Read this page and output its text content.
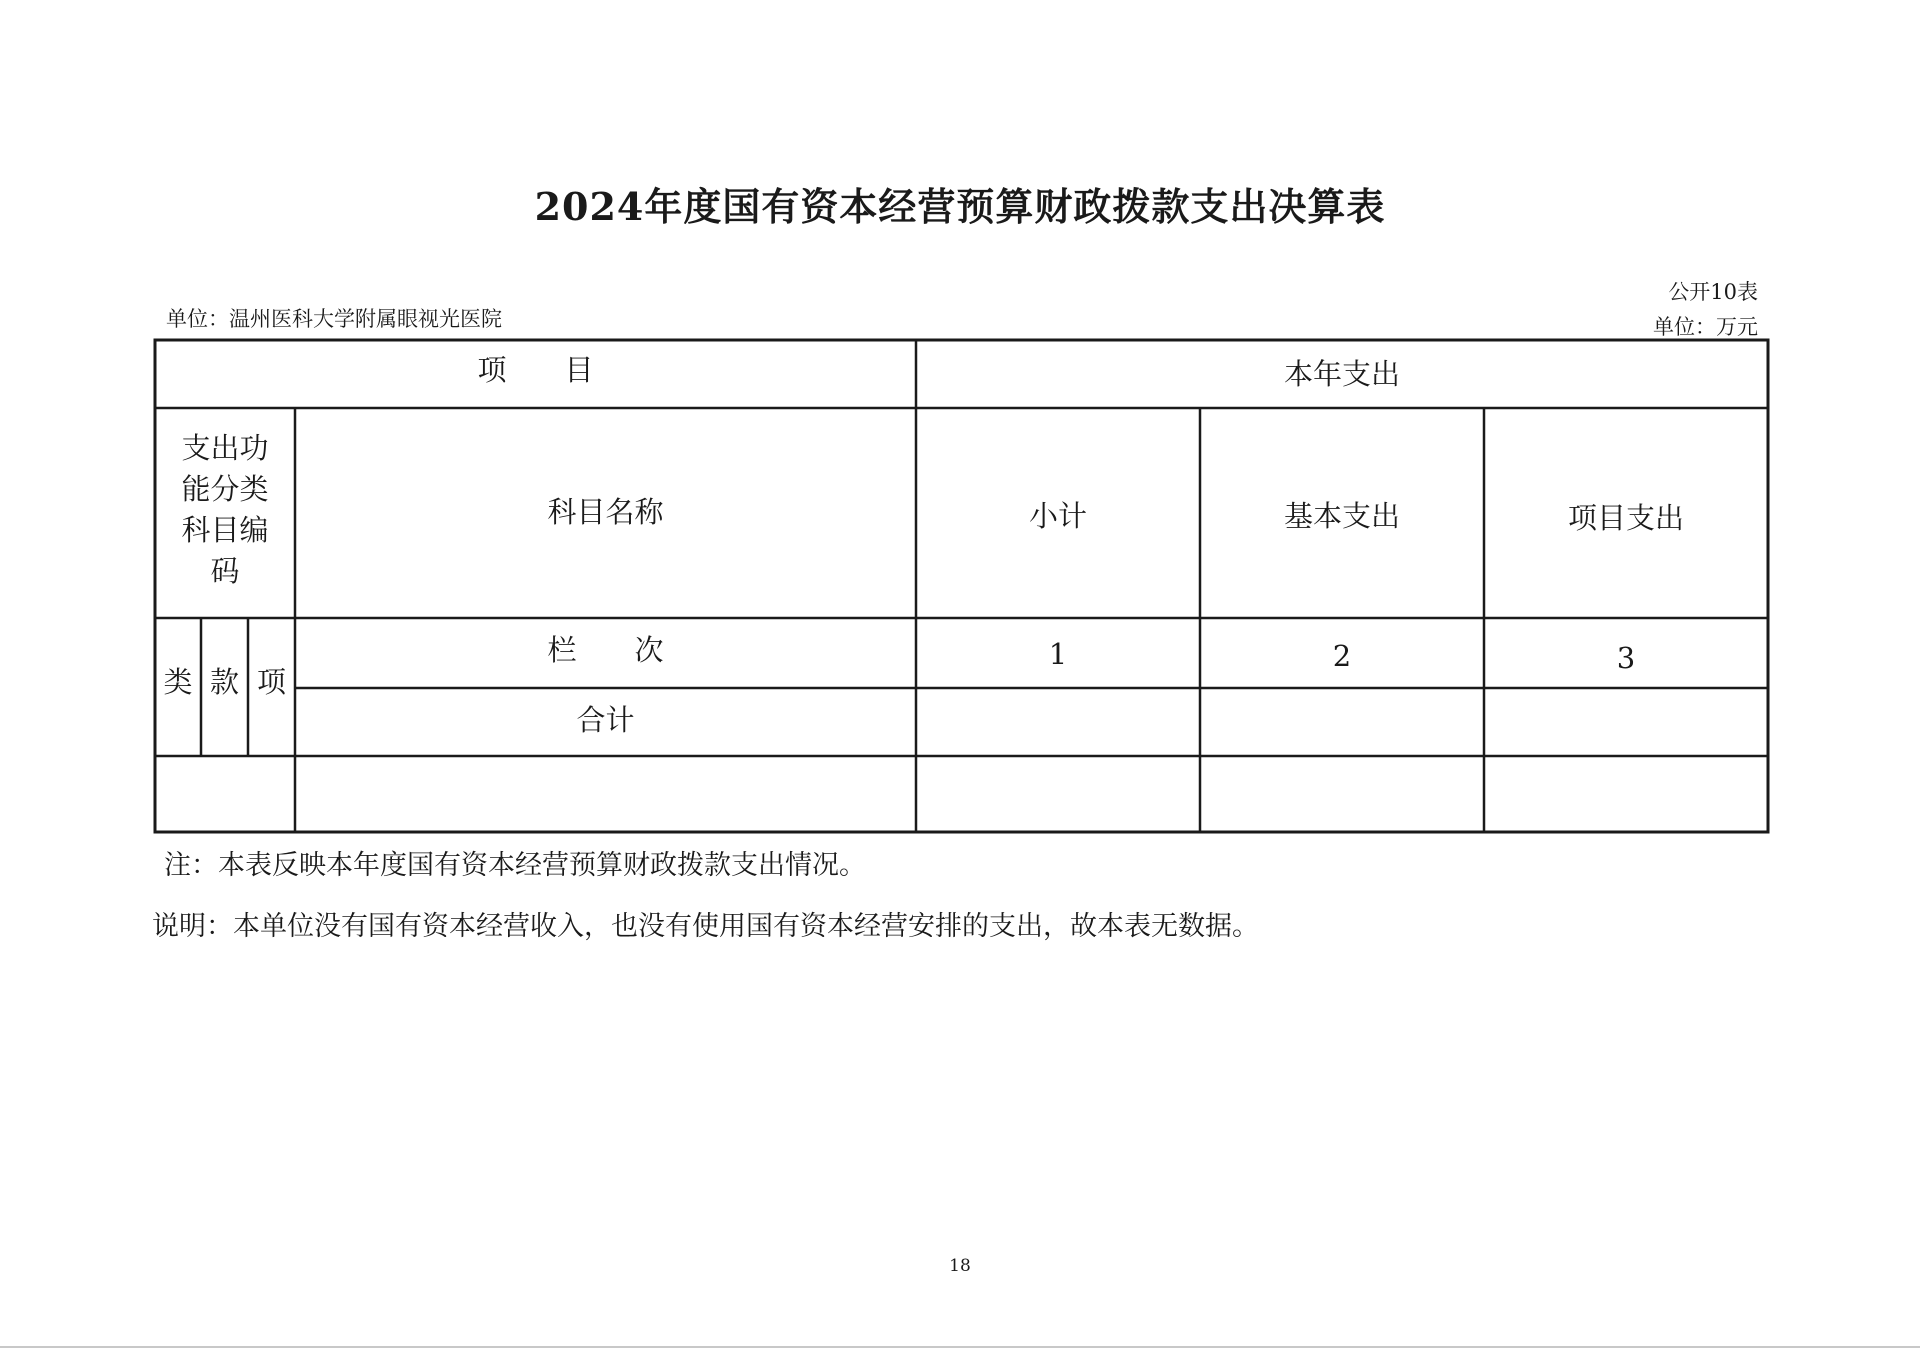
2024年度国有资本经营预算财政拨款支出决算表
公开10表
单位：温州医科大学附属眼视光医院	单位：万元
项　　目	本年支出
支出功能分类科目编码
科目名称	小计	基本支出	项目支出
类 款 项
栏　　次	1	2	3
合计
注：本表反映本年度国有资本经营预算财政拨款支出情况。
说明：本单位没有国有资本经营收入，也没有使用国有资本经营安排的支出，故本表无数据。
18
